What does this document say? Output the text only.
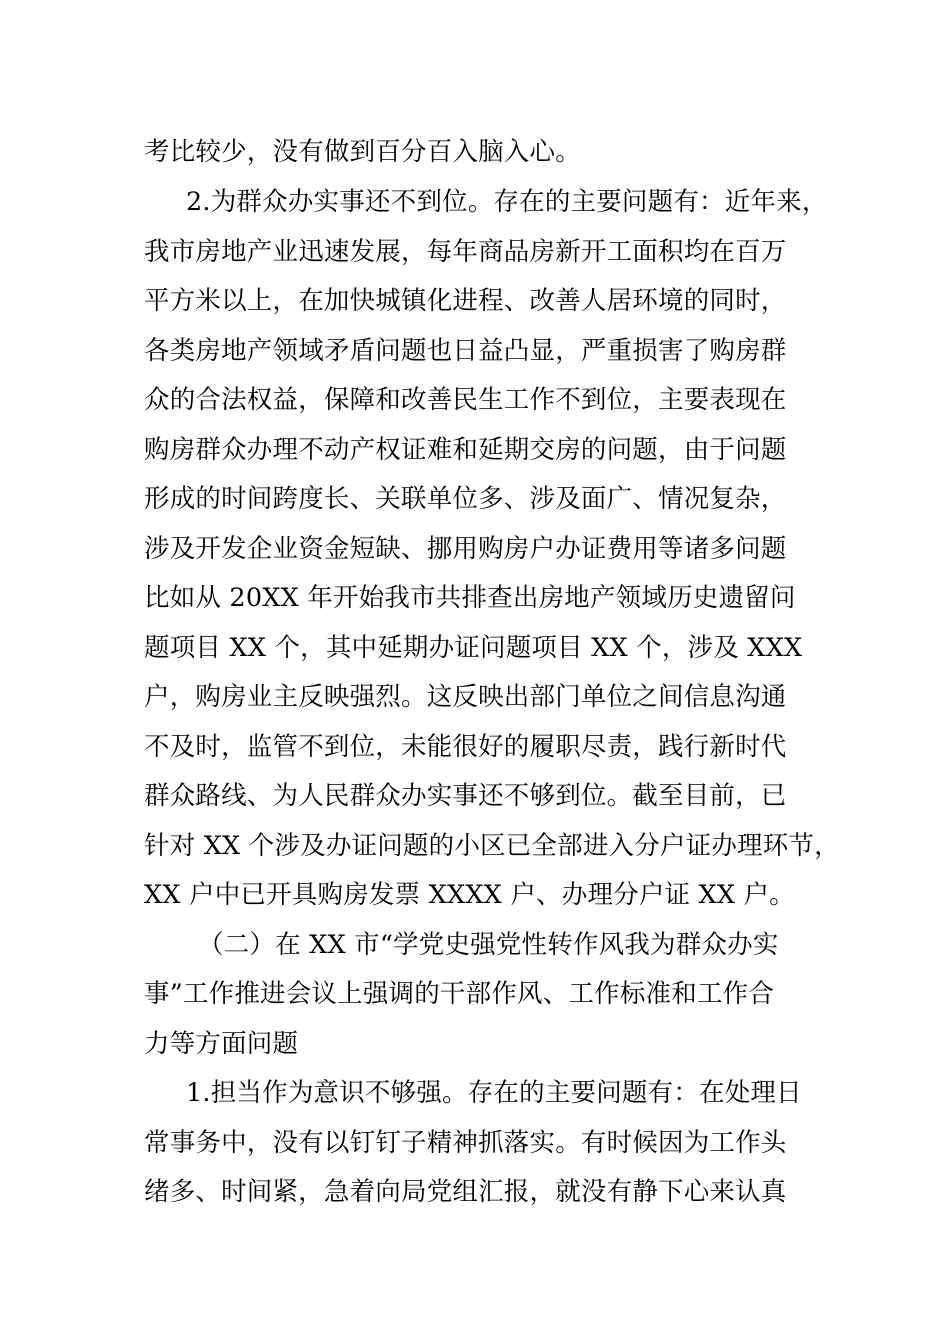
考比较少，没有做到百分百入脑入心。
2.为群众办实事还不到位。存在的主要问题有：近年来，
我市房地产业迅速发展，每年商品房新开工面积均在百万
平方米以上，在加快城镇化进程、改善人居环境的同时，
各类房地产领域矛盾问题也日益凸显，严重损害了购房群
众的合法权益，保障和改善民生工作不到位，主要表现在
购房群众办理不动产权证难和延期交房的问题，由于问题
形成的时间跨度长、关联单位多、涉及面广、情况复杂，
涉及开发企业资金短缺、挪用购房户办证费用等诸多问题
比如从 20XX 年开始我市共排查出房地产领域历史遗留问
题项目 XX 个，其中延期办证问题项目 XX 个，涉及 XXX
户，购房业主反映强烈。这反映出部门单位之间信息沟通
不及时，监管不到位，未能很好的履职尽责，践行新时代
群众路线、为人民群众办实事还不够到位。截至目前，已
针对 XX 个涉及办证问题的小区已全部进入分户证办理环节，
XX 户中已开具购房发票 XXXX 户、办理分户证 XX 户。
（二）在 XX 市“学党史强党性转作风我为群众办实
事”工作推进会议上强调的干部作风、工作标准和工作合
力等方面问题
1.担当作为意识不够强。存在的主要问题有：在处理日
常事务中，没有以钉钉子精神抓落实。有时候因为工作头
绪多、时间紧，急着向局党组汇报，就没有静下心来认真
